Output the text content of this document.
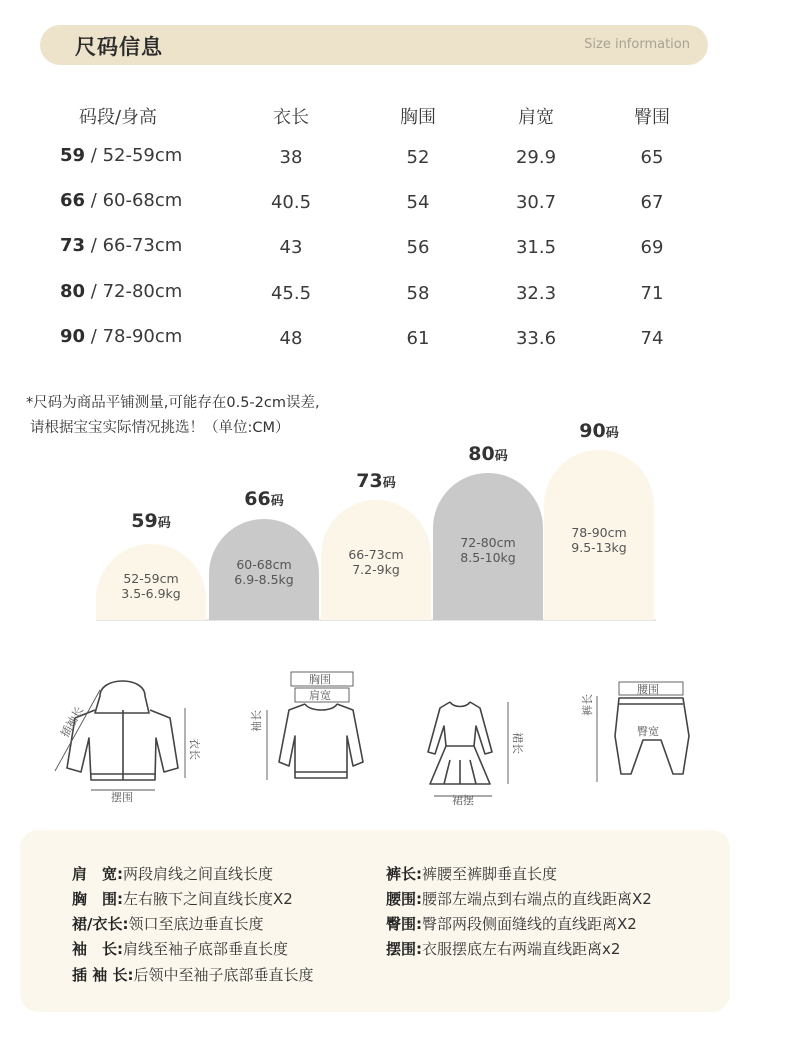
尺码信息	Size information
码段/身高	衣长	胸围	肩宽	臀围
59 / 52-59cm	38	52	29.9	65
66 / 60-68cm	40.5	54	30.7	67
73 / 66-73cm	43	56	31.5	69
80 / 72-80cm	45.5	58	32.3	71
90 / 78-90cm	48	61	33.6	74
*尺码为商品平铺测量,可能存在0.5-2cm误差,
请根据宝宝实际情况挑选！（单位:CM）
59码
52-59cm
3.5-6.9kg
66码
60-68cm
6.9-8.5kg
73码
66-73cm
7.2-9kg
80码
72-80cm
8.5-10kg
90码
78-90cm
9.5-13kg
插袖长
衣长
摆围
胸围
肩宽
袖长
裙长
裙摆
腰围
臀宽
裤长
肩　宽:两段肩线之间直线长度
胸　围:左右腋下之间直线长度X2
裙/衣长:领口至底边垂直长度
袖　长:肩线至袖子底部垂直长度
插 袖 长:后领中至袖子底部垂直长度
裤长:裤腰至裤脚垂直长度
腰围:腰部左端点到右端点的直线距离X2
臀围:臀部两段侧面缝线的直线距离X2
摆围:衣服摆底左右两端直线距离x2
